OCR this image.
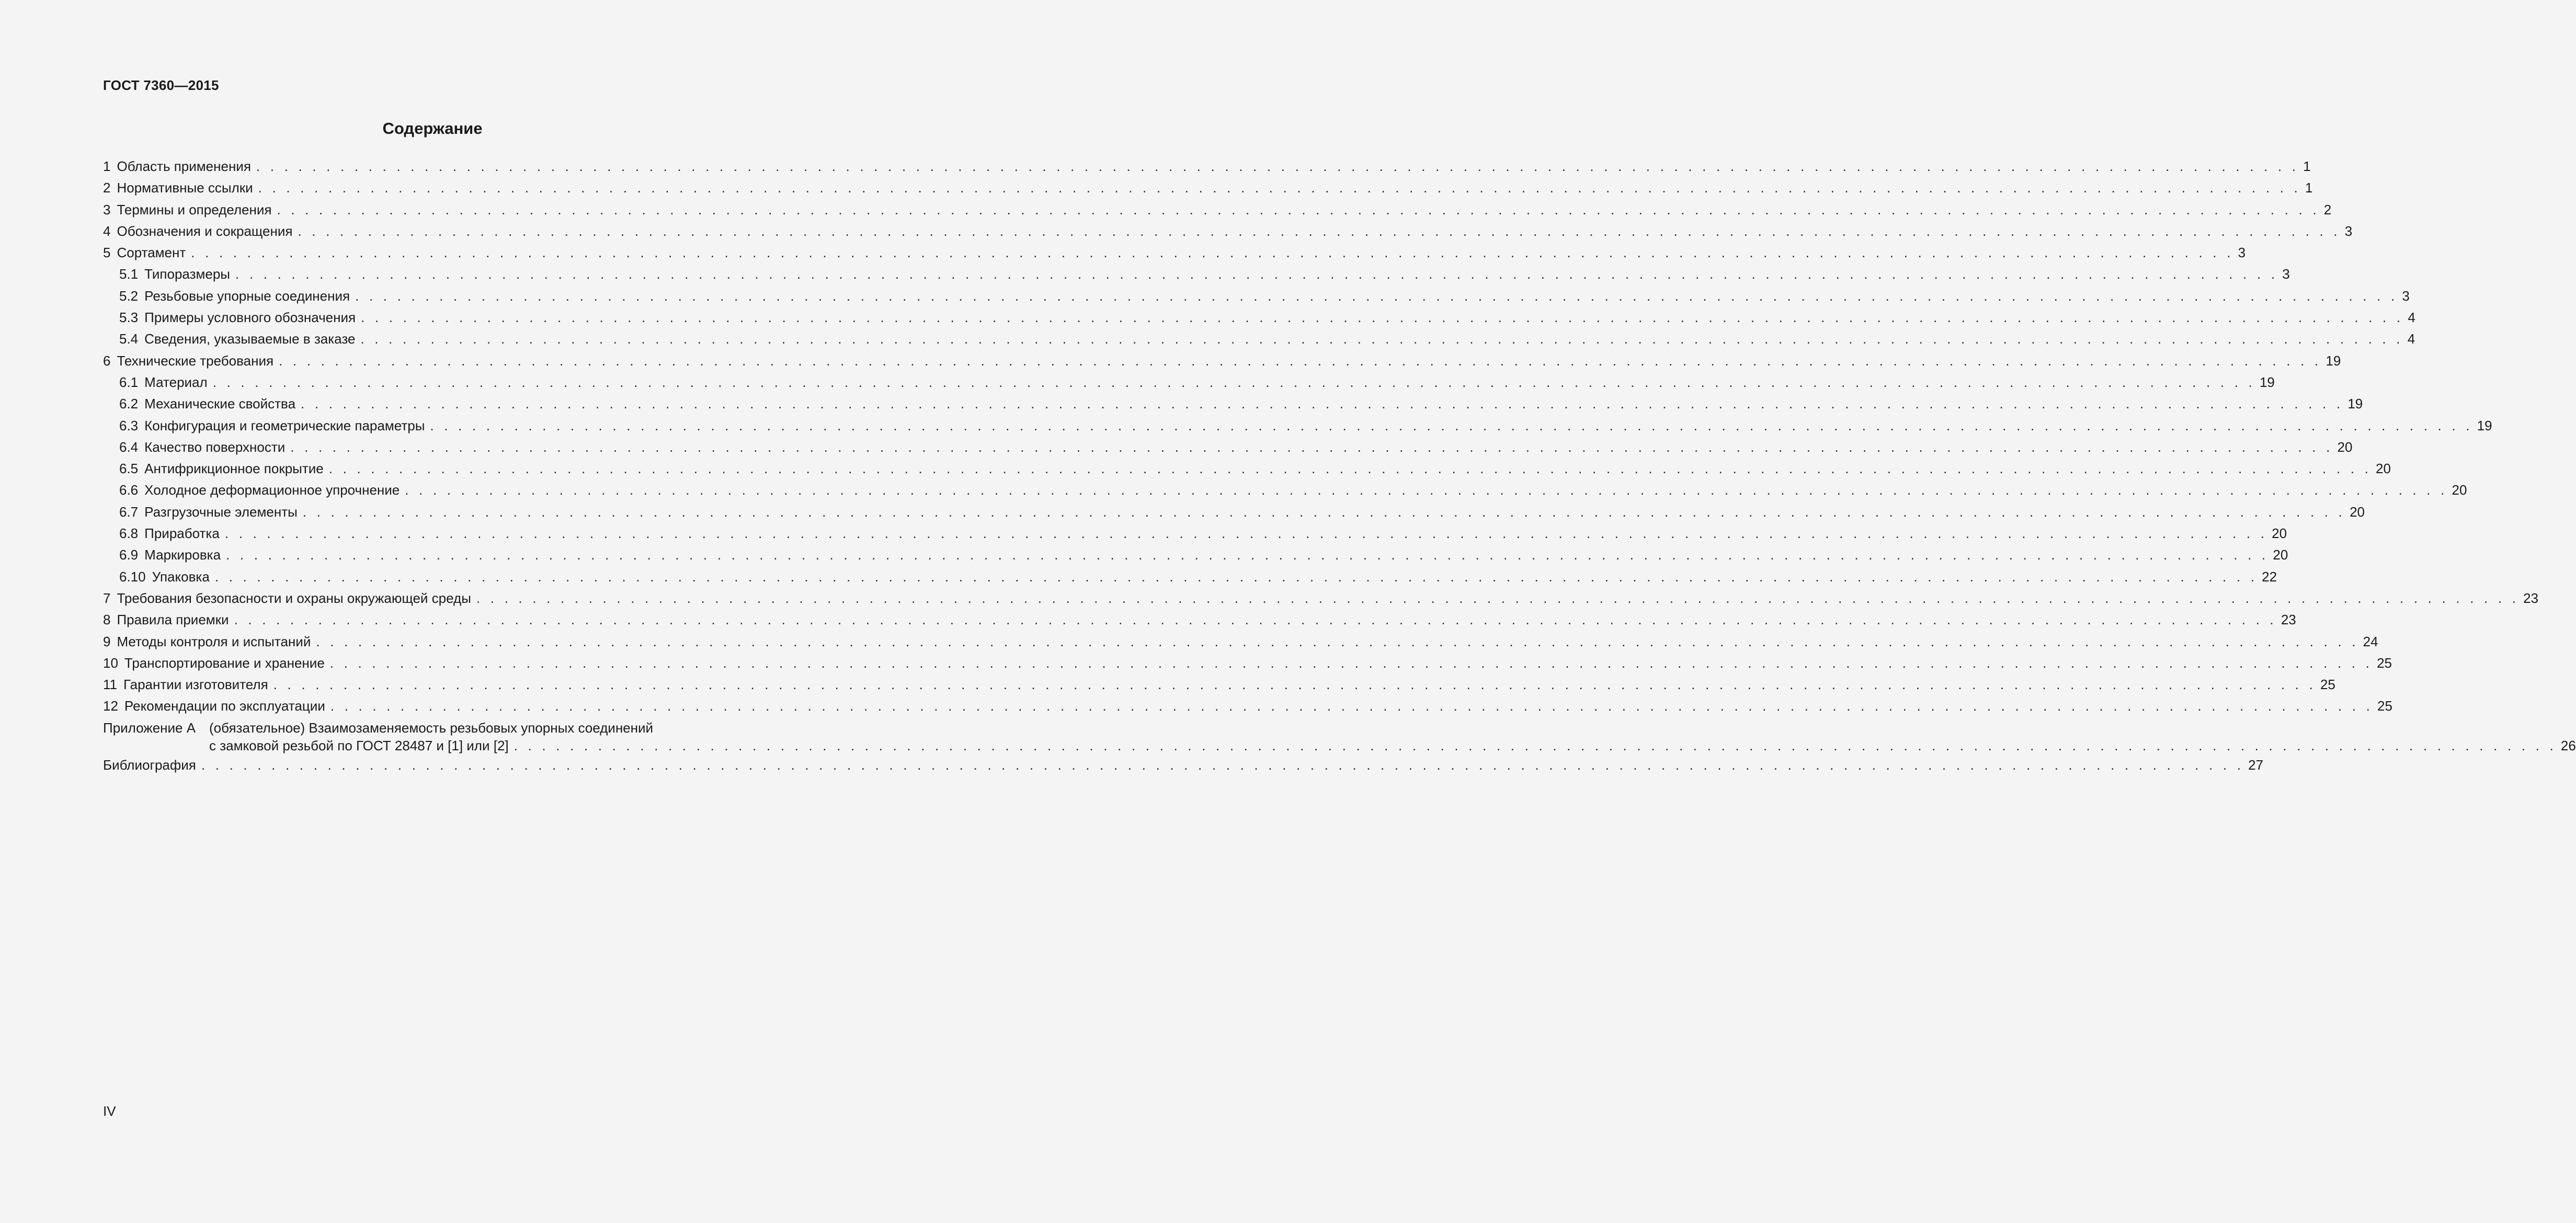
ГОСТ 7360—2015
Содержание
1 Область применения . . .	1
2 Нормативные ссылки . . .	1
3 Термины и определения . . .	2
4 Обозначения и сокращения . . .	3
5 Сортамент . . .	3
5.1 Типоразмеры . . .	3
5.2 Резьбовые упорные соединения . . .	3
5.3 Примеры условного обозначения . . .	4
5.4 Сведения, указываемые в заказе . . .	4
6 Технические требования . . .	19
6.1 Материал . . .	19
6.2 Механические свойства . . .	19
6.3 Конфигурация и геометрические параметры . . .	19
6.4 Качество поверхности . . .	20
6.5 Антифрикционное покрытие . . .	20
6.6 Холодное деформационное упрочнение . . .	20
6.7 Разгрузочные элементы . . .	20
6.8 Приработка . . .	20
6.9 Маркировка . . .	20
6.10 Упаковка . . .	22
7 Требования безопасности и охраны окружающей среды . . .	23
8 Правила приемки . . .	23
9 Методы контроля и испытаний . . .	24
10 Транспортирование и хранение . . .	25
11 Гарантии изготовителя . . .	25
12 Рекомендации по эксплуатации . . .	25
Приложение А (обязательное) Взаимозаменяемость резьбовых упорных соединений
с замковой резьбой по ГОСТ 28487 и [1] или [2] . . .	26
Библиография . . .	27
IV
